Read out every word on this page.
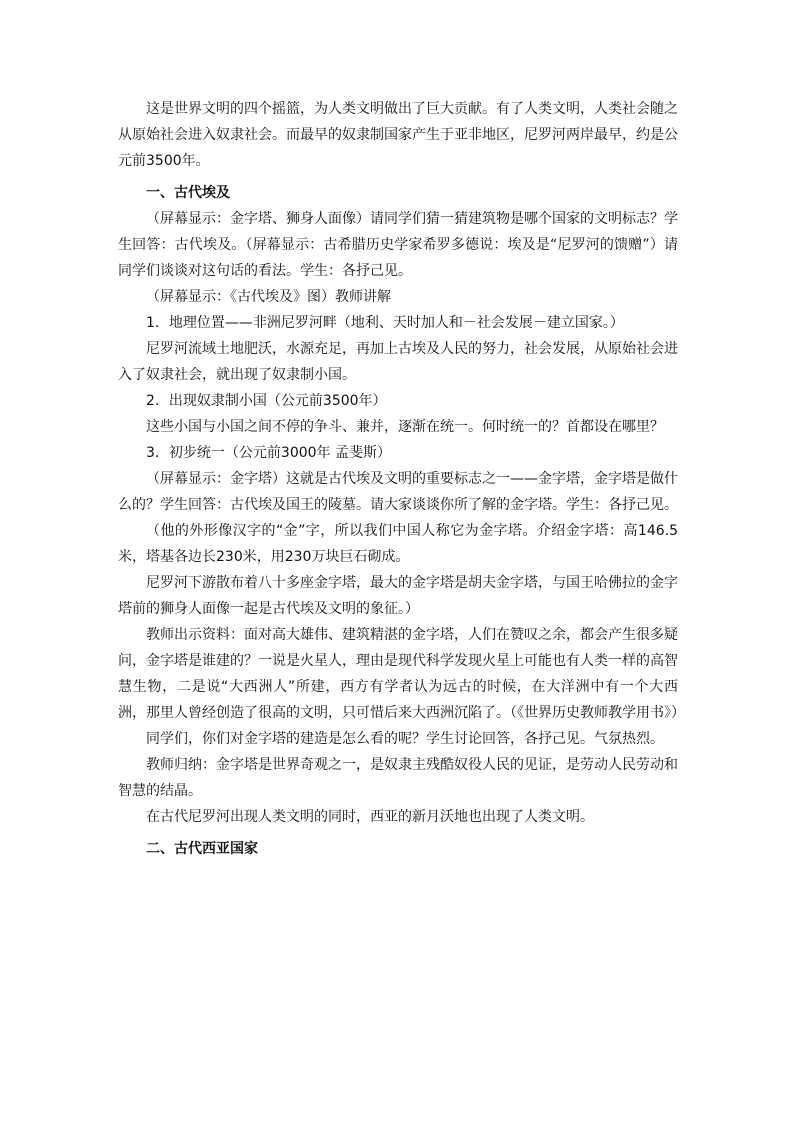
这是世界文明的四个摇篮，为人类文明做出了巨大贡献。有了人类文明，人类社会随之从原始社会进入奴隶社会。而最早的奴隶制国家产生于亚非地区，尼罗河两岸最早，约是公元前3500年。

一、古代埃及

（屏幕显示：金字塔、狮身人面像）请同学们猜一猜建筑物是哪个国家的文明标志？学生回答：古代埃及。（屏幕显示：古希腊历史学家希罗多德说：埃及是“尼罗河的馈赠”）请同学们谈谈对这句话的看法。学生：各抒己见。

（屏幕显示：《古代埃及》图）教师讲解

1．地理位置——非洲尼罗河畔（地利、天时加人和－社会发展－建立国家。）

尼罗河流域土地肥沃，水源充足，再加上古埃及人民的努力，社会发展，从原始社会进入了奴隶社会，就出现了奴隶制小国。

2．出现奴隶制小国（公元前3500年）

这些小国与小国之间不停的争斗、兼并，逐渐在统一。何时统一的？首都设在哪里？

3．初步统一（公元前3000年 孟斐斯）

（屏幕显示：金字塔）这就是古代埃及文明的重要标志之一——金字塔，金字塔是做什么的？学生回答：古代埃及国王的陵墓。请大家谈谈你所了解的金字塔。学生：各抒己见。

（他的外形像汉字的“金”字，所以我们中国人称它为金字塔。介绍金字塔：高146.5米，塔基各边长230米，用230万块巨石砌成。

尼罗河下游散布着八十多座金字塔，最大的金字塔是胡夫金字塔，与国王哈佛拉的金字塔前的狮身人面像一起是古代埃及文明的象征。）

教师出示资料：面对高大雄伟、建筑精湛的金字塔，人们在赞叹之余，都会产生很多疑问，金字塔是谁建的？一说是火星人，理由是现代科学发现火星上可能也有人类一样的高智慧生物，二是说“大西洲人”所建，西方有学者认为远古的时候，在大洋洲中有一个大西洲，那里人曾经创造了很高的文明，只可惜后来大西洲沉陷了。（《世界历史教师教学用书》）

同学们，你们对金字塔的建造是怎么看的呢？学生讨论回答，各抒己见。气氛热烈。

教师归纳：金字塔是世界奇观之一，是奴隶主残酷奴役人民的见证，是劳动人民劳动和智慧的结晶。

在古代尼罗河出现人类文明的同时，西亚的新月沃地也出现了人类文明。

二、古代西亚国家
